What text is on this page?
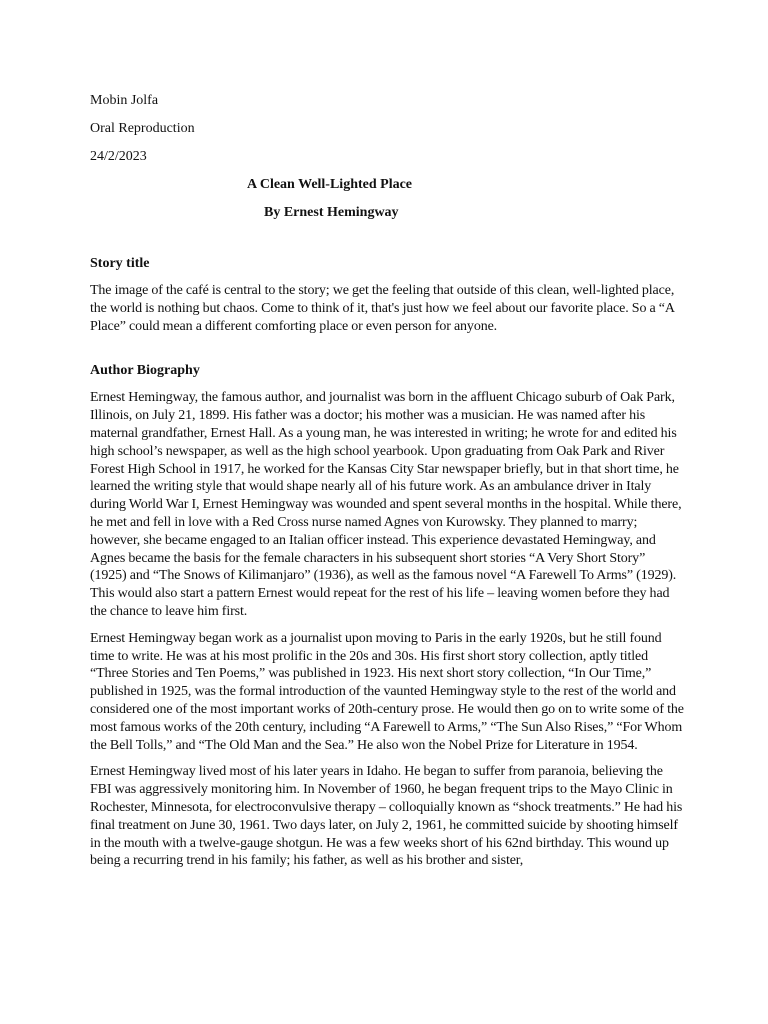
Mobin Jolfa

Oral Reproduction

24/2/2023

A Clean Well-Lighted Place

By Ernest Hemingway

Story title

The image of the café is central to the story; we get the feeling that outside of this clean, well-lighted place, the world is nothing but chaos. Come to think of it, that's just how we feel about our favorite place. So a “A Place” could mean a different comforting place or even person for anyone.

Author Biography

Ernest Hemingway, the famous author, and journalist was born in the affluent Chicago suburb of Oak Park, Illinois, on July 21, 1899. His father was a doctor; his mother was a musician. He was named after his maternal grandfather, Ernest Hall. As a young man, he was interested in writing; he wrote for and edited his high school’s newspaper, as well as the high school yearbook. Upon graduating from Oak Park and River Forest High School in 1917, he worked for the Kansas City Star newspaper briefly, but in that short time, he learned the writing style that would shape nearly all of his future work. As an ambulance driver in Italy during World War I, Ernest Hemingway was wounded and spent several months in the hospital. While there, he met and fell in love with a Red Cross nurse named Agnes von Kurowsky. They planned to marry; however, she became engaged to an Italian officer instead. This experience devastated Hemingway, and Agnes became the basis for the female characters in his subsequent short stories “A Very Short Story” (1925) and “The Snows of Kilimanjaro” (1936), as well as the famous novel “A Farewell To Arms” (1929). This would also start a pattern Ernest would repeat for the rest of his life – leaving women before they had the chance to leave him first.

Ernest Hemingway began work as a journalist upon moving to Paris in the early 1920s, but he still found time to write. He was at his most prolific in the 20s and 30s. His first short story collection, aptly titled “Three Stories and Ten Poems,” was published in 1923. His next short story collection, “In Our Time,” published in 1925, was the formal introduction of the vaunted Hemingway style to the rest of the world and considered one of the most important works of 20th-century prose. He would then go on to write some of the most famous works of the 20th century, including “A Farewell to Arms,” “The Sun Also Rises,” “For Whom the Bell Tolls,” and “The Old Man and the Sea.” He also won the Nobel Prize for Literature in 1954.

Ernest Hemingway lived most of his later years in Idaho. He began to suffer from paranoia, believing the FBI was aggressively monitoring him. In November of 1960, he began frequent trips to the Mayo Clinic in Rochester, Minnesota, for electroconvulsive therapy – colloquially known as “shock treatments.” He had his final treatment on June 30, 1961. Two days later, on July 2, 1961, he committed suicide by shooting himself in the mouth with a twelve-gauge shotgun. He was a few weeks short of his 62nd birthday. This wound up being a recurring trend in his family; his father, as well as his brother and sister,
